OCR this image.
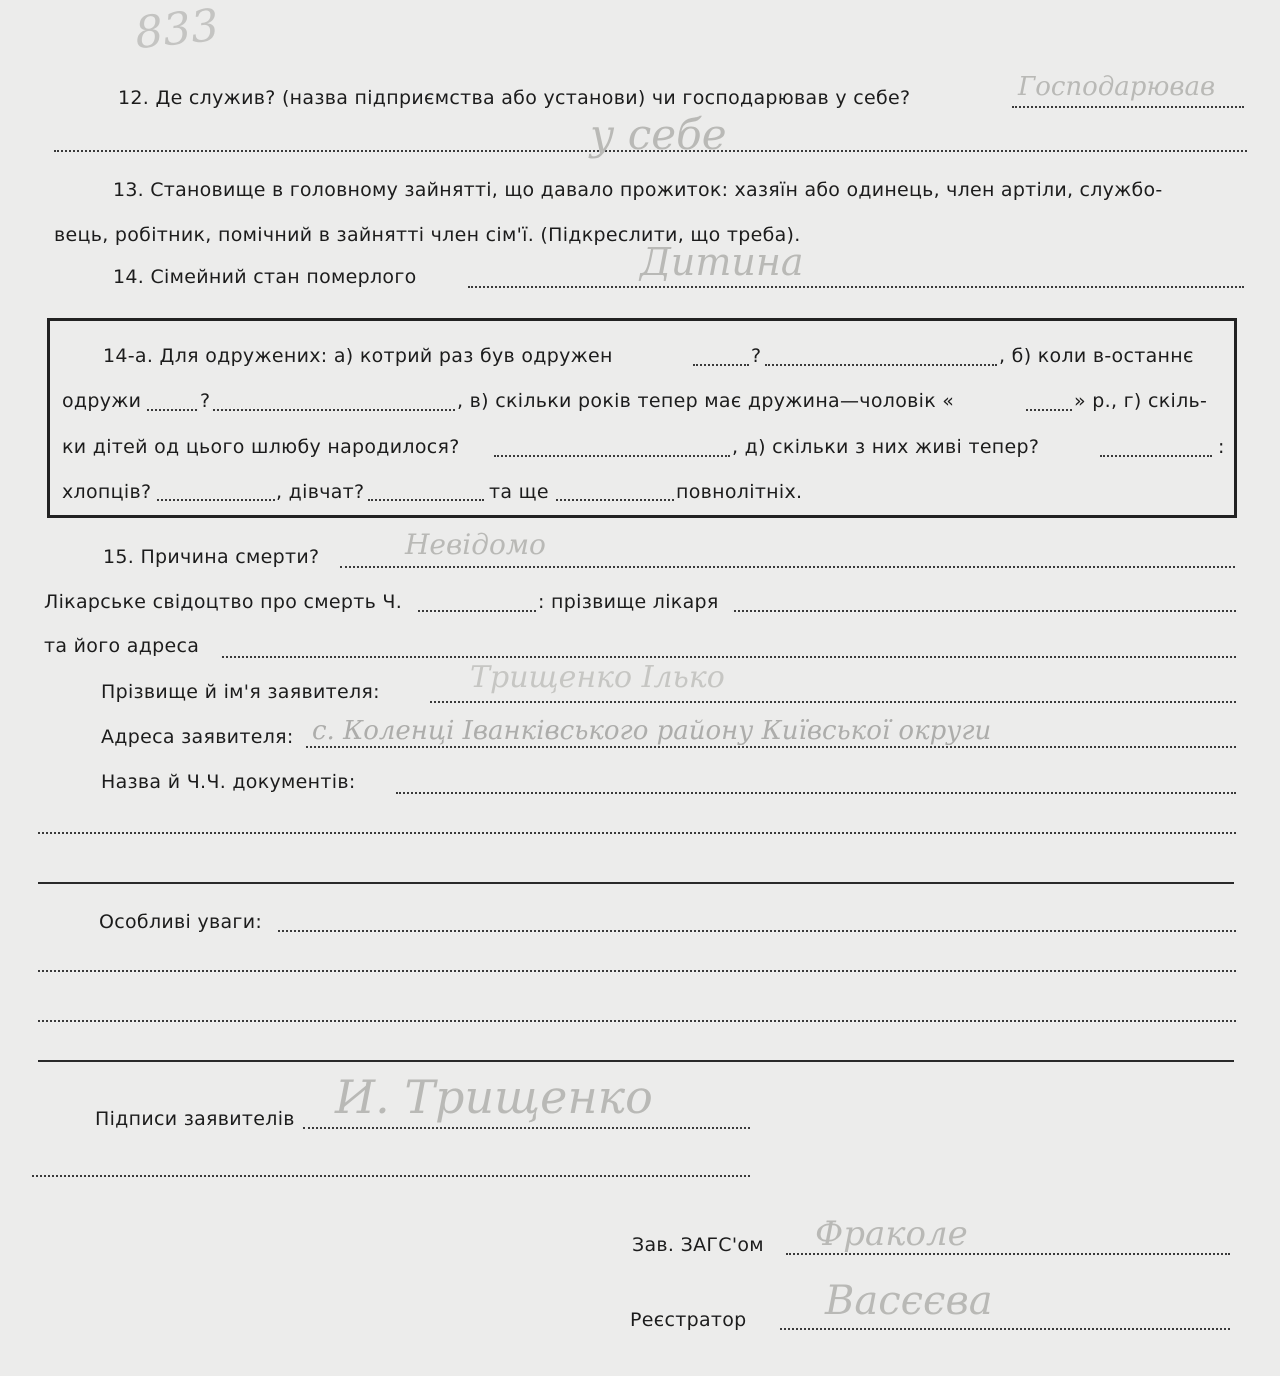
833
12. Де служив? (назва підприємства або установи) чи господарював у себе?	Господарював
у себе
13. Становище в головному зайнятті, що давало прожиток: хазяїн або одинець, член артіли, службо-
вець, робітник, помічний в зайнятті член сім'ї. (Підкреслити, що треба).
14. Сімейний стан померлого	Дитина
14-а. Для одружених: а) котрий раз був одружен	?	, б) коли в-останнє
одружи	?	, в) скільки років тепер має дружина—чоловік «	» р., г) скіль-
ки дітей од цього шлюбу народилося?	, д) скільки з них живі тепер?	:
хлопців?	, дівчат?	та ще	повнолітніх.
15. Причина смерти?	Невідомо
Лікарське свідоцтво про смерть Ч.	: прізвище лікаря
та його адреса
Прізвище й ім'я заявителя:	Трищенко Ілько
Адреса заявителя: с. Коленці Іванківського району Київської округи
Назва й Ч.Ч. документів:
Особливі уваги:
Підписи заявителів И. Трищенко
Зав. ЗАГС'ом Фраколе
Реєстратор Васєєва
